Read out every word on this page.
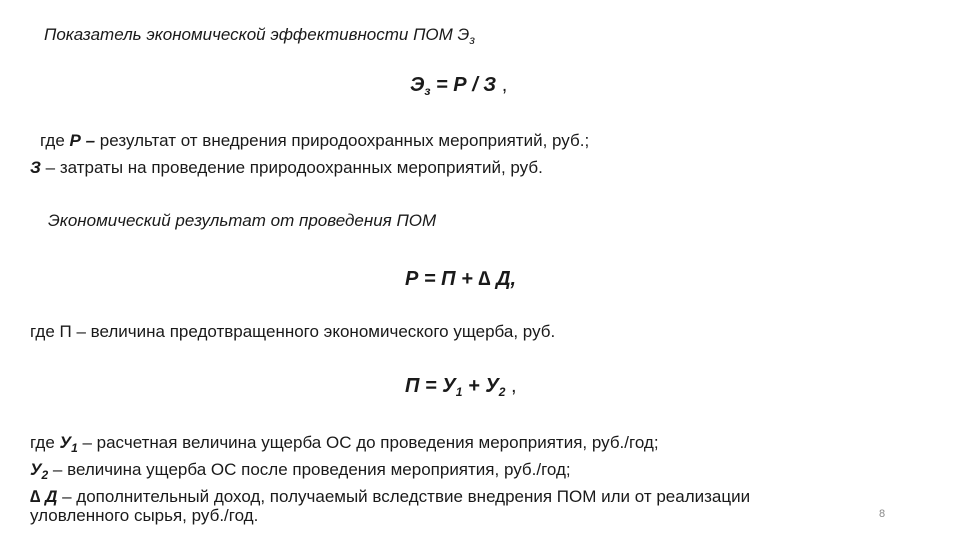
Показатель экономической эффективности ПОМ $Э_з$
$Э_з = Р / З$ ,
где Р – результат от внедрения природоохранных мероприятий, руб.;
З – затраты на проведение природоохранных мероприятий, руб.
Экономический результат от проведения ПОМ
Р = П + ∆ Д,
где П – величина предотвращенного экономического ущерба, руб.
$П = У_1 + У_2$ ,
где $У_1$ – расчетная величина ущерба ОС до проведения мероприятия, руб./год;
$У_2$ – величина ущерба ОС после проведения мероприятия, руб./год;
∆ Д – дополнительный доход, получаемый вследствие внедрения ПОМ или от реализации
уловленного сырья, руб./год.	8
